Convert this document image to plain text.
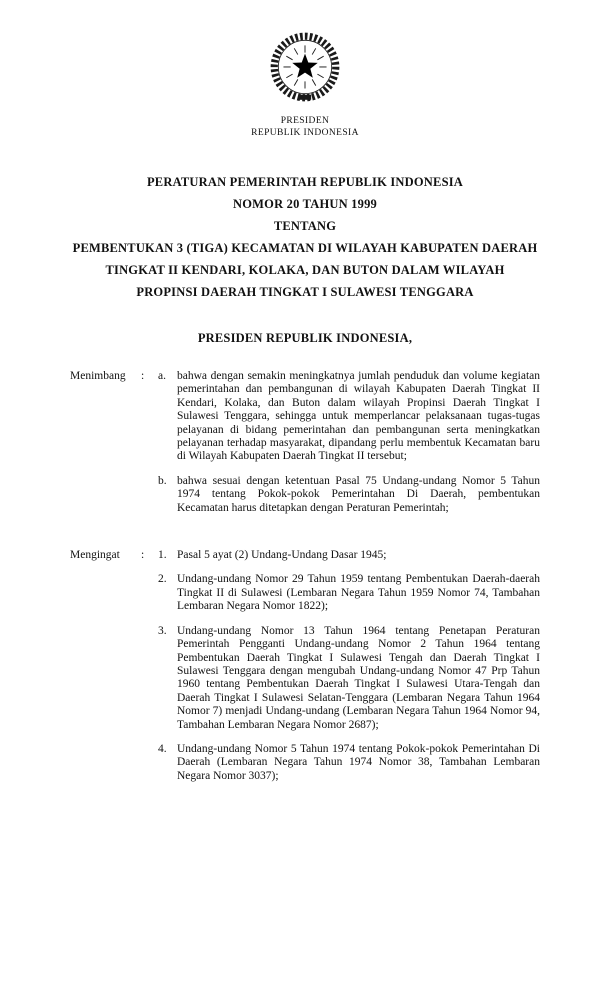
PRESIDEN
REPUBLIK INDONESIA
PERATURAN PEMERINTAH REPUBLIK INDONESIA
NOMOR 20 TAHUN 1999
TENTANG
PEMBENTUKAN 3 (TIGA) KECAMATAN DI WILAYAH KABUPATEN DAERAH
TINGKAT II KENDARI, KOLAKA, DAN BUTON DALAM WILAYAH
PROPINSI DAERAH TINGKAT I SULAWESI TENGGARA
PRESIDEN REPUBLIK INDONESIA,
Menimbang	:	a. bahwa dengan semakin meningkatnya jumlah penduduk dan volume kegiatan pemerintahan dan pembangunan di wilayah Kabupaten Daerah Tingkat II Kendari, Kolaka, dan Buton dalam wilayah Propinsi Daerah Tingkat I Sulawesi Tenggara, sehingga untuk memperlancar pelaksanaan tugas-tugas pelayanan di bidang pemerintahan dan pembangunan serta meningkatkan pelayanan terhadap masyarakat, dipandang perlu membentuk Kecamatan baru di Wilayah Kabupaten Daerah Tingkat II tersebut;
b. bahwa sesuai dengan ketentuan Pasal 75 Undang-undang Nomor 5 Tahun 1974 tentang Pokok-pokok Pemerintahan Di Daerah, pembentukan Kecamatan harus ditetapkan dengan Peraturan Pemerintah;
Mengingat	:	1. Pasal 5 ayat (2) Undang-Undang Dasar 1945;
2. Undang-undang Nomor 29 Tahun 1959 tentang Pembentukan Daerah-daerah Tingkat II di Sulawesi (Lembaran Negara Tahun 1959 Nomor 74, Tambahan Lembaran Negara Nomor 1822);
3. Undang-undang Nomor 13 Tahun 1964 tentang Penetapan Peraturan Pemerintah Pengganti Undang-undang Nomor 2 Tahun 1964 tentang Pembentukan Daerah Tingkat I Sulawesi Tengah dan Daerah Tingkat I Sulawesi Tenggara dengan mengubah Undang-undang Nomor 47 Prp Tahun 1960 tentang Pembentukan Daerah Tingkat I Sulawesi Utara-Tengah dan Daerah Tingkat I Sulawesi Selatan-Tenggara (Lembaran Negara Tahun 1964 Nomor 7) menjadi Undang-undang (Lembaran Negara Tahun 1964 Nomor 94, Tambahan Lembaran Negara Nomor 2687);
4. Undang-undang Nomor 5 Tahun 1974 tentang Pokok-pokok Pemerintahan Di Daerah (Lembaran Negara Tahun 1974 Nomor 38, Tambahan Lembaran Negara Nomor 3037);
